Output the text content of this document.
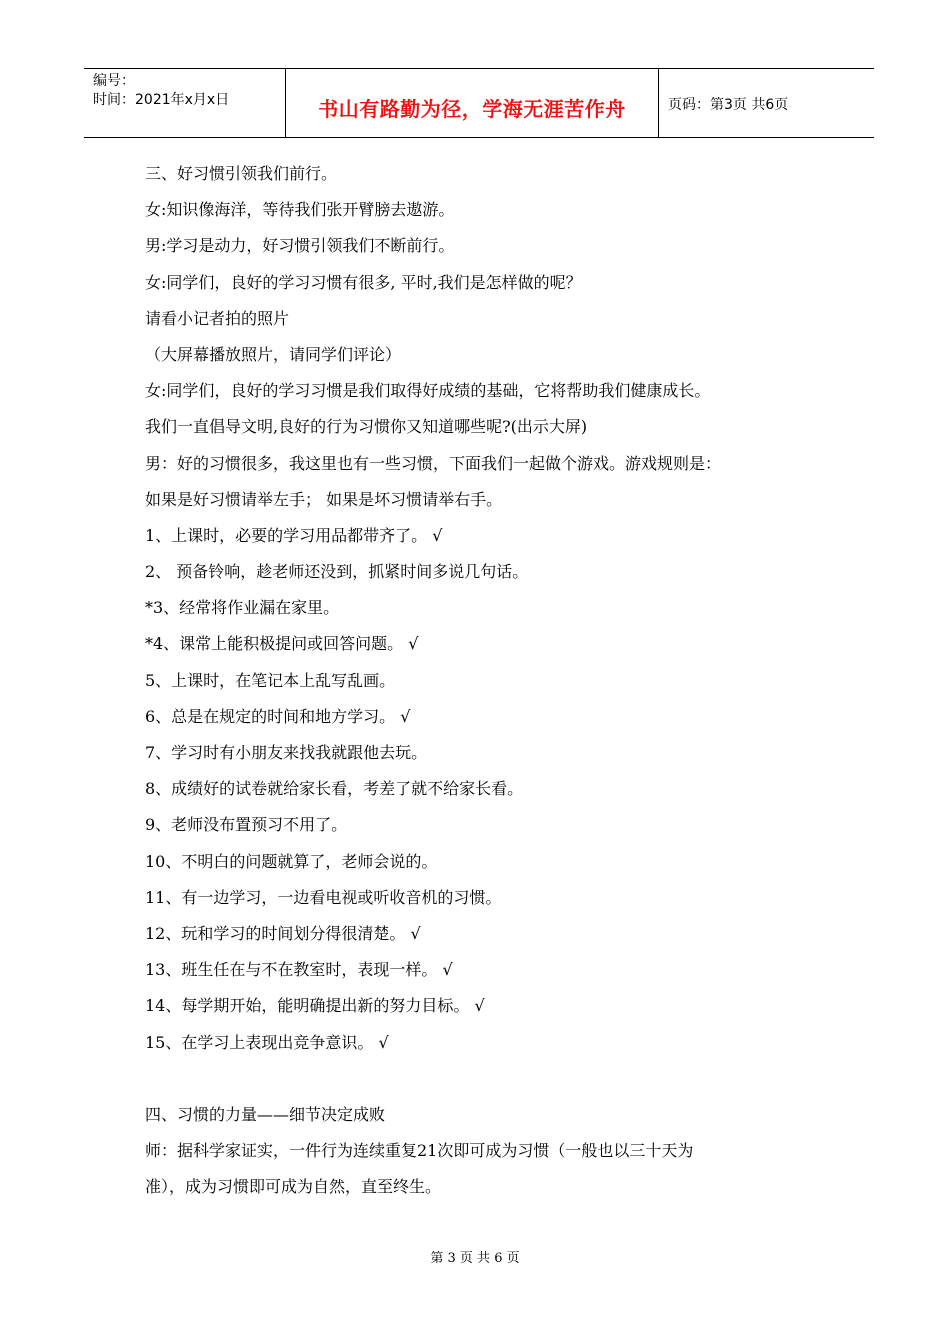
编号：
时间：2021年x月x日	书山有路勤为径，学海无涯苦作舟	页码：第3页 共6页
三、好习惯引领我们前行。
女:知识像海洋，等待我们张开臂膀去遨游。
男:学习是动力，好习惯引领我们不断前行。
女:同学们，良好的学习习惯有很多, 平时,我们是怎样做的呢？
请看小记者拍的照片
（大屏幕播放照片，请同学们评论）
女:同学们，良好的学习习惯是我们取得好成绩的基础，它将帮助我们健康成长。
我们一直倡导文明,良好的行为习惯你又知道哪些呢?(出示大屏)
男：好的习惯很多，我这里也有一些习惯，下面我们一起做个游戏。游戏规则是：
如果是好习惯请举左手； 如果是坏习惯请举右手。
1、上课时，必要的学习用品都带齐了。 √
2、 预备铃响，趁老师还没到，抓紧时间多说几句话。
*3、经常将作业漏在家里。
*4、课常上能积极提问或回答问题。 √
5、上课时，在笔记本上乱写乱画。
6、总是在规定的时间和地方学习。 √
7、学习时有小朋友来找我就跟他去玩。
8、成绩好的试卷就给家长看，考差了就不给家长看。
9、老师没布置预习不用了。
10、不明白的问题就算了，老师会说的。
11、有一边学习，一边看电视或听收音机的习惯。
12、玩和学习的时间划分得很清楚。 √
13、班生任在与不在教室时，表现一样。 √
14、每学期开始，能明确提出新的努力目标。 √
15、在学习上表现出竞争意识。 √
四、习惯的力量——细节决定成败
师：据科学家证实，一件行为连续重复21次即可成为习惯（一般也以三十天为
准），成为习惯即可成为自然，直至终生。
第 3 页 共 6 页
